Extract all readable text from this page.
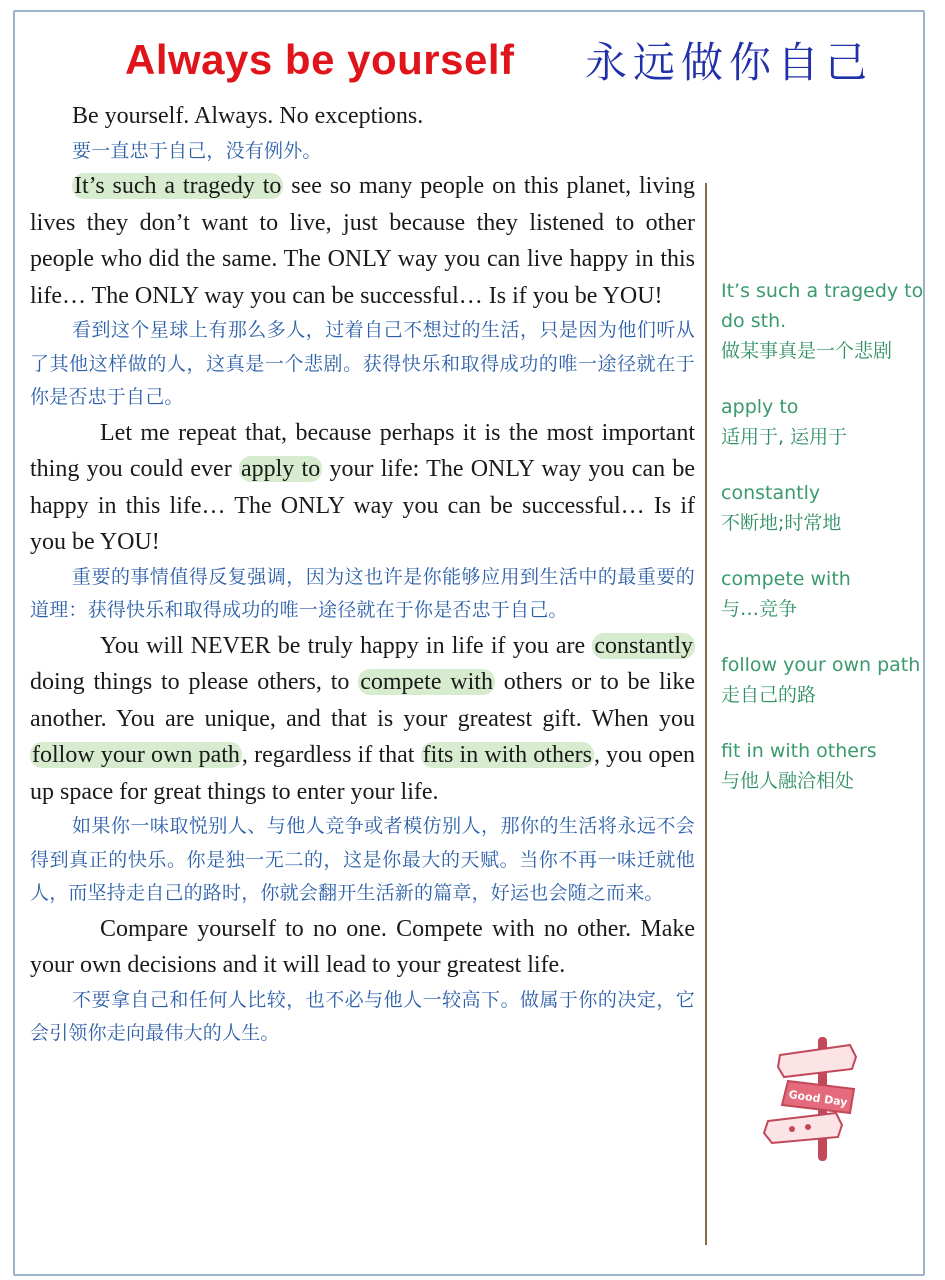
Always be yourself 永远做你自己

Be yourself. Always. No exceptions.

要一直忠于自己，没有例外。

It’s such a tragedy to see so many people on this planet, living lives they don’t want to live, just because they listened to other people who did the same. The ONLY way you can live happy in this life… The ONLY way you can be successful… Is if you be YOU!

看到这个星球上有那么多人，过着自己不想过的生活，只是因为他们听从了其他这样做的人，这真是一个悲剧。获得快乐和取得成功的唯一途径就在于你是否忠于自己。

Let me repeat that, because perhaps it is the most important thing you could ever apply to your life: The ONLY way you can be happy in this life… The ONLY way you can be successful… Is if you be YOU!

重要的事情值得反复强调，因为这也许是你能够应用到生活中的最重要的道理：获得快乐和取得成功的唯一途径就在于你是否忠于自己。

You will NEVER be truly happy in life if you are constantly doing things to please others, to compete with others or to be like another. You are unique, and that is your greatest gift. When you follow your own path, regardless if that fits in with others, you open up space for great things to enter your life.

如果你一味取悦别人、与他人竞争或者模仿别人，那你的生活将永远不会得到真正的快乐。你是独一无二的，这是你最大的天赋。当你不再一味迁就他人，而坚持走自己的路时，你就会翻开生活新的篇章，好运也会随之而来。

Compare yourself to no one. Compete with no other. Make your own decisions and it will lead to your greatest life.

不要拿自己和任何人比较，也不必与他人一较高下。做属于你的决定，它会引领你走向最伟大的人生。

It’s such a tragedy to do sth.

做某事真是一个悲剧

apply to

适用于, 运用于

constantly

不断地;时常地

compete with

与…竞争

follow your own path

走自己的路

fit in with others

与他人融洽相处

Good Day
